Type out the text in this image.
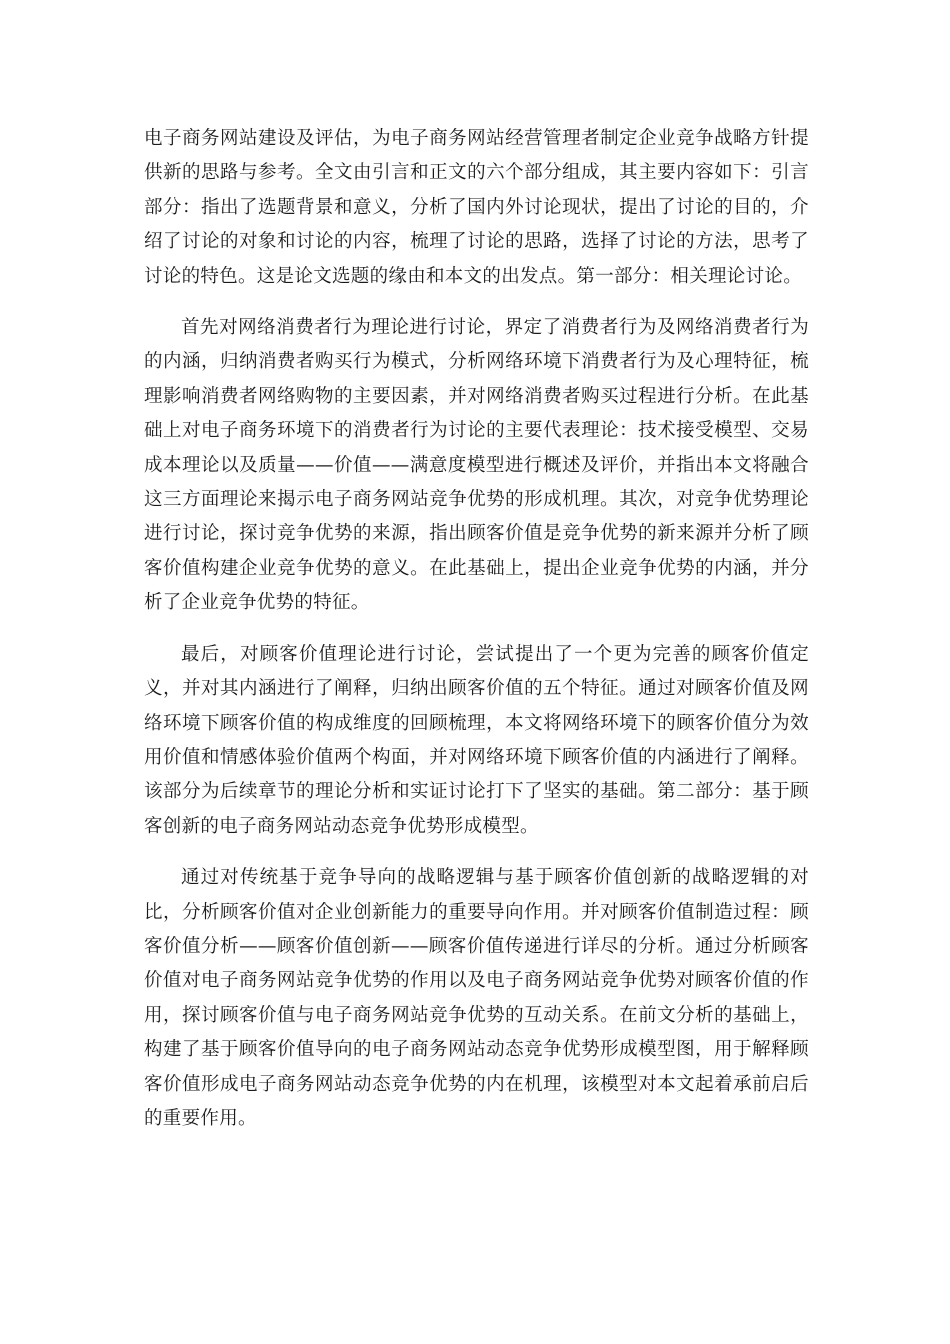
电子商务网站建设及评估，为电子商务网站经营管理者制定企业竞争战略方针提供新的思路与参考。全文由引言和正文的六个部分组成，其主要内容如下：引言部分：指出了选题背景和意义，分析了国内外讨论现状，提出了讨论的目的，介绍了讨论的对象和讨论的内容，梳理了讨论的思路，选择了讨论的方法，思考了讨论的特色。这是论文选题的缘由和本文的出发点。第一部分：相关理论讨论。

首先对网络消费者行为理论进行讨论，界定了消费者行为及网络消费者行为的内涵，归纳消费者购买行为模式，分析网络环境下消费者行为及心理特征，梳理影响消费者网络购物的主要因素，并对网络消费者购买过程进行分析。在此基础上对电子商务环境下的消费者行为讨论的主要代表理论：技术接受模型、交易成本理论以及质量——价值——满意度模型进行概述及评价，并指出本文将融合这三方面理论来揭示电子商务网站竞争优势的形成机理。其次，对竞争优势理论进行讨论，探讨竞争优势的来源，指出顾客价值是竞争优势的新来源并分析了顾客价值构建企业竞争优势的意义。在此基础上，提出企业竞争优势的内涵，并分析了企业竞争优势的特征。

最后，对顾客价值理论进行讨论，尝试提出了一个更为完善的顾客价值定义，并对其内涵进行了阐释，归纳出顾客价值的五个特征。通过对顾客价值及网络环境下顾客价值的构成维度的回顾梳理，本文将网络环境下的顾客价值分为效用价值和情感体验价值两个构面，并对网络环境下顾客价值的内涵进行了阐释。该部分为后续章节的理论分析和实证讨论打下了坚实的基础。第二部分：基于顾客创新的电子商务网站动态竞争优势形成模型。

通过对传统基于竞争导向的战略逻辑与基于顾客价值创新的战略逻辑的对比，分析顾客价值对企业创新能力的重要导向作用。并对顾客价值制造过程：顾客价值分析——顾客价值创新——顾客价值传递进行详尽的分析。通过分析顾客价值对电子商务网站竞争优势的作用以及电子商务网站竞争优势对顾客价值的作用，探讨顾客价值与电子商务网站竞争优势的互动关系。在前文分析的基础上，构建了基于顾客价值导向的电子商务网站动态竞争优势形成模型图，用于解释顾客价值形成电子商务网站动态竞争优势的内在机理，该模型对本文起着承前启后的重要作用。
